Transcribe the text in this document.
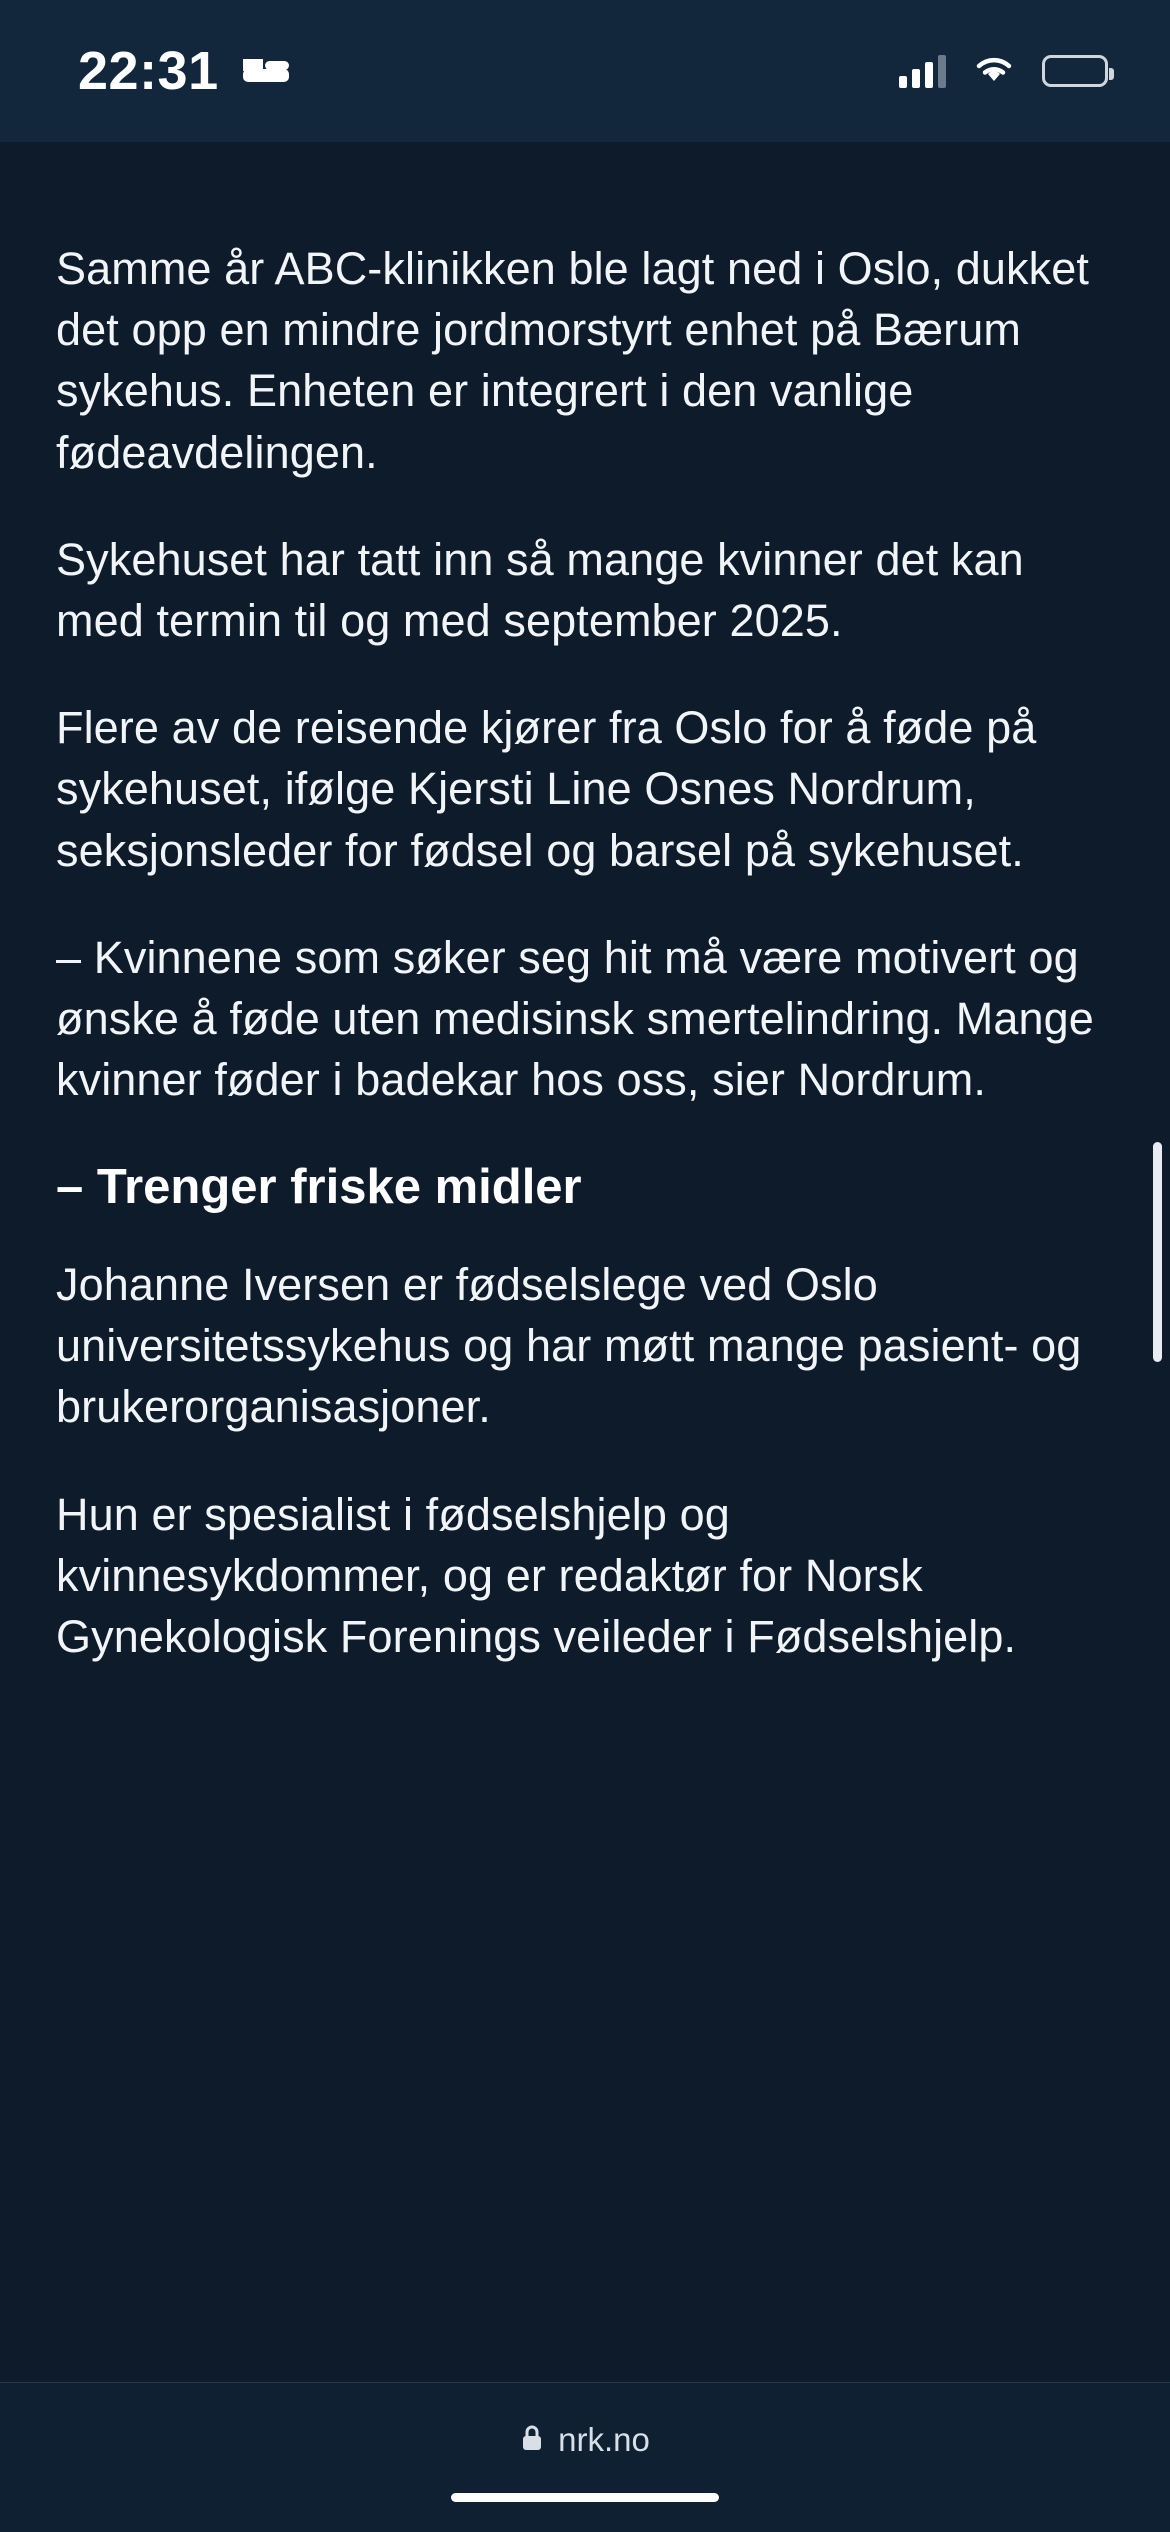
22:31

Samme år ABC-klinikken ble lagt ned i Oslo, dukket det opp en mindre jordmorstyrt enhet på Bærum sykehus. Enheten er integrert i den vanlige fødeavdelingen.

Sykehuset har tatt inn så mange kvinner det kan med termin til og med september 2025.

Flere av de reisende kjører fra Oslo for å føde på sykehuset, ifølge Kjersti Line Osnes Nordrum, seksjonsleder for fødsel og barsel på sykehuset.

– Kvinnene som søker seg hit må være motivert og ønske å føde uten medisinsk smertelindring. Mange kvinner føder i badekar hos oss, sier Nordrum.

– Trenger friske midler

Johanne Iversen er fødselslege ved Oslo universitetssykehus og har møtt mange pasient- og brukerorganisasjoner.

Hun er spesialist i fødselshjelp og kvinnesykdommer, og er redaktør for Norsk Gynekologisk Forenings veileder i Fødselshjelp.

nrk.no
